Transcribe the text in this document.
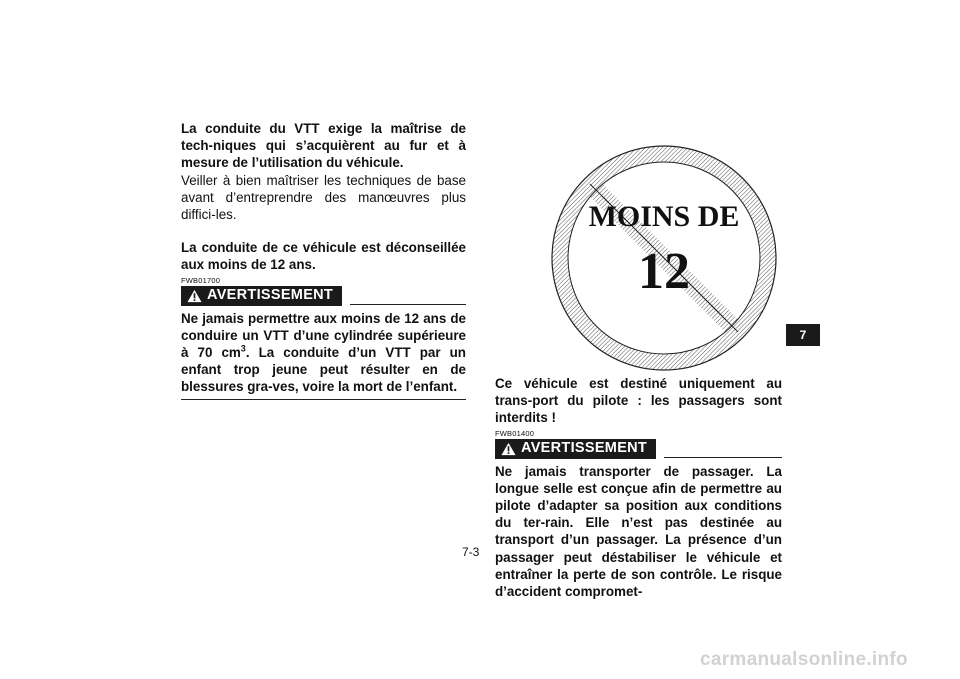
La conduite du VTT exige la maîtrise de tech-niques qui s’acquièrent au fur et à mesure de l’utilisation du véhicule.

Veiller à bien maîtriser les techniques de base avant d’entreprendre des manœuvres plus diffici-les.

La conduite de ce véhicule est déconseillée aux moins de 12 ans.

FWB01700
AVERTISSEMENT

Ne jamais permettre aux moins de 12 ans de conduire un VTT d’une cylindrée supérieure à 70 $cm^3$. La conduite d’un VTT par un enfant trop jeune peut résulter en de blessures gra-ves, voire la mort de l’enfant.

MOINS DE
12

Ce véhicule est destiné uniquement au trans-port du pilote : les passagers sont interdits !

FWB01400
AVERTISSEMENT

Ne jamais transporter de passager. La longue selle est conçue afin de permettre au pilote d’adapter sa position aux conditions du ter-rain. Elle n’est pas destinée au transport d’un passager. La présence d’un passager peut déstabiliser le véhicule et entraîner la perte de son contrôle. Le risque d’accident compromet-

7
7-3
carmanualsonline.info
